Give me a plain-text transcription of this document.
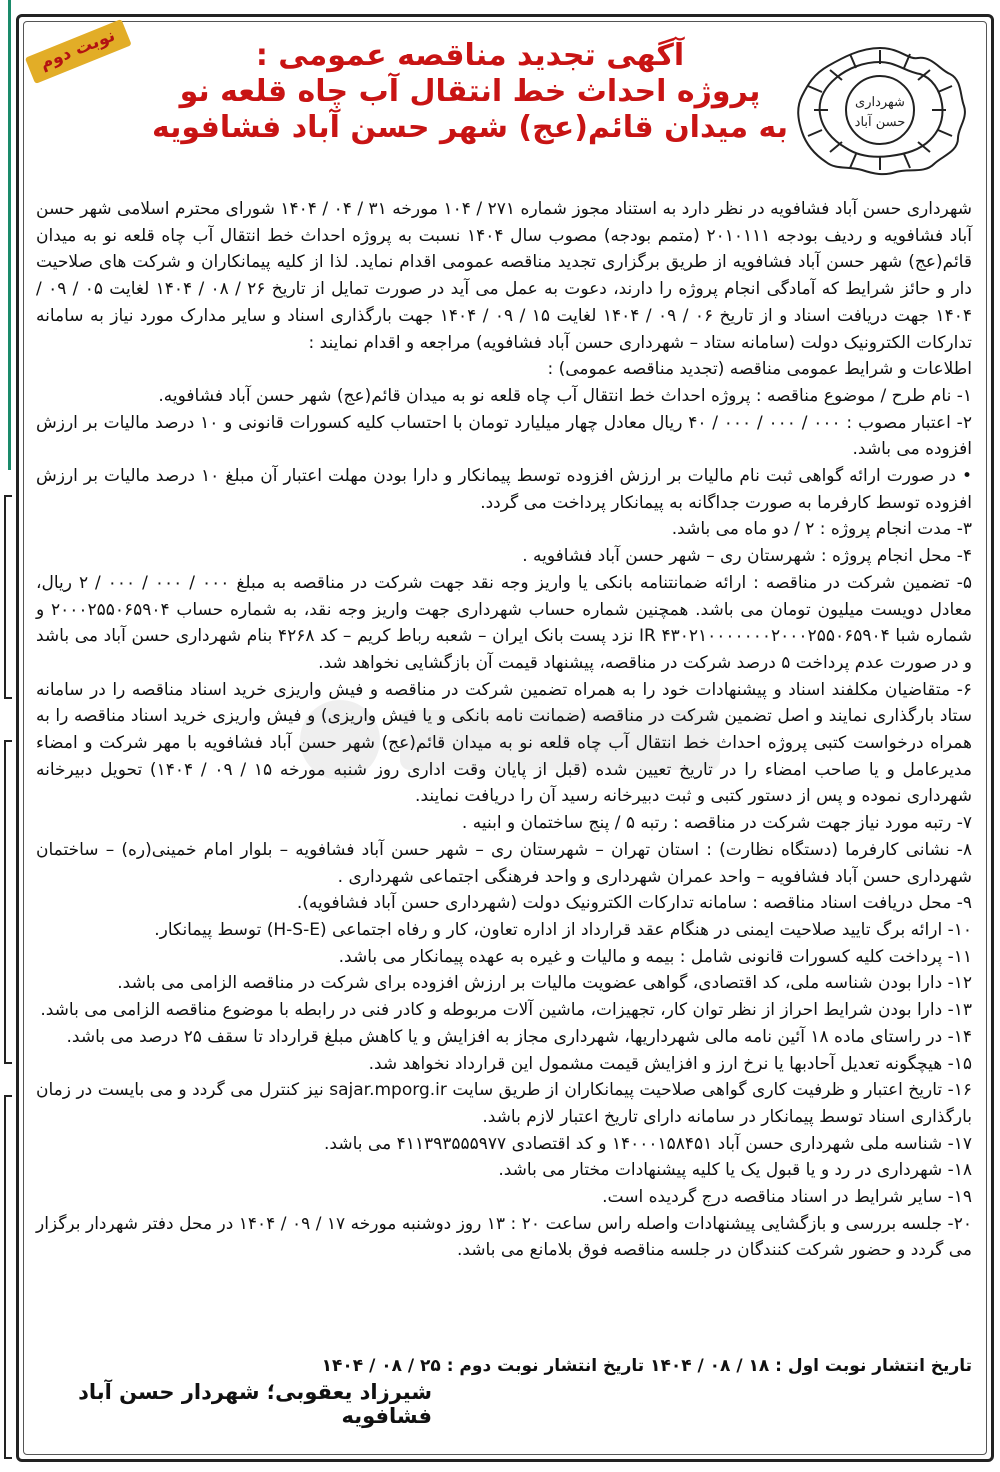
نوبت دوم	آگهی تجدید مناقصه عمومی :
پروژه احداث خط انتقال آب چاه قلعه نو
به میدان قائم(عج) شهر حسن آباد فشافویه
شهرداری
حسن آباد

شهرداری حسن آباد فشافویه در نظر دارد به استناد مجوز شماره ۲۷۱ / ۱۰۴ مورخه ۳۱ / ۰۴ / ۱۴۰۴ شورای محترم اسلامی شهر حسن آباد فشافویه و ردیف بودجه ۲۰۱۰۱۱۱ (متمم بودجه) مصوب سال ۱۴۰۴ نسبت به پروژه احداث خط انتقال آب چاه قلعه نو به میدان قائم(عج) شهر حسن آباد فشافویه از طریق برگزاری تجدید مناقصه عمومی اقدام نماید. لذا از کلیه پیمانکاران و شرکت های صلاحیت دار و حائز شرایط که آمادگی انجام پروژه را دارند، دعوت به عمل می آید در صورت تمایل از تاریخ ۲۶ / ۰۸ / ۱۴۰۴ لغایت ۰۵ / ۰۹ / ۱۴۰۴ جهت دریافت اسناد و از تاریخ ۰۶ / ۰۹ / ۱۴۰۴ لغایت ۱۵ / ۰۹ / ۱۴۰۴ جهت بارگذاری اسناد و سایر مدارک مورد نیاز به سامانه تدارکات الکترونیک دولت (سامانه ستاد – شهرداری حسن آباد فشافویه) مراجعه و اقدام نمایند :

اطلاعات و شرایط عمومی مناقصه (تجدید مناقصه عمومی) :

۱- نام طرح / موضوع مناقصه : پروژه احداث خط انتقال آب چاه قلعه نو به میدان قائم(عج) شهر حسن آباد فشافویه.

۲- اعتبار مصوب : ۰۰۰ / ۰۰۰ / ۰۰۰ / ۴۰ ریال معادل چهار میلیارد تومان با احتساب کلیه کسورات قانونی و ۱۰ درصد مالیات بر ارزش افزوده می باشد.

• در صورت ارائه گواهی ثبت نام مالیات بر ارزش افزوده توسط پیمانکار و دارا بودن مهلت اعتبار آن مبلغ ۱۰ درصد مالیات بر ارزش افزوده توسط کارفرما به صورت جداگانه به پیمانکار پرداخت می گردد.

۳- مدت انجام پروژه : ۲ / دو ماه می باشد.

۴- محل انجام پروژه : شهرستان ری – شهر حسن آباد فشافویه .

۵- تضمین شرکت در مناقصه : ارائه ضمانتنامه بانکی یا واریز وجه نقد جهت شرکت در مناقصه به مبلغ ۰۰۰ / ۰۰۰ / ۰۰۰ / ۲ ریال، معادل دویست میلیون تومان می باشد. همچنین شماره حساب شهرداری جهت واریز وجه نقد، به شماره حساب ۲۰۰۰۲۵۵۰۶۵۹۰۴ و شماره شبا IR ۴۳۰۲۱۰۰۰۰۰۰۰۲۰۰۰۲۵۵۰۶۵۹۰۴ نزد پست بانک ایران – شعبه رباط کریم – کد ۴۲۶۸ بنام شهرداری حسن آباد می باشد و در صورت عدم پرداخت ۵ درصد شرکت در مناقصه، پیشنهاد قیمت آن بازگشایی نخواهد شد.

۶- متقاضیان مکلفند اسناد و پیشنهادات خود را به همراه تضمین شرکت در مناقصه و فیش واریزی خرید اسناد مناقصه را در سامانه ستاد بارگذاری نمایند و اصل تضمین شرکت در مناقصه (ضمانت نامه بانکی و یا فیش واریزی) و فیش واریزی خرید اسناد مناقصه را به همراه درخواست کتبی پروژه احداث خط انتقال آب چاه قلعه نو به میدان قائم(عج) شهر حسن آباد فشافویه با مهر شرکت و امضاء مدیرعامل و یا صاحب امضاء را در تاریخ تعیین شده (قبل از پایان وقت اداری روز شنبه مورخه ۱۵ / ۰۹ / ۱۴۰۴) تحویل دبیرخانه شهرداری نموده و پس از دستور کتبی و ثبت دبیرخانه رسید آن را دریافت نمایند.

۷- رتبه مورد نیاز جهت شرکت در مناقصه : رتبه ۵ / پنج ساختمان و ابنیه .

۸- نشانی کارفرما (دستگاه نظارت) : استان تهران – شهرستان ری – شهر حسن آباد فشافویه – بلوار امام خمینی(ره) – ساختمان شهرداری حسن آباد فشافویه – واحد عمران شهرداری و واحد فرهنگی اجتماعی شهرداری .

۹- محل دریافت اسناد مناقصه : سامانه تدارکات الکترونیک دولت (شهرداری حسن آباد فشافویه).

۱۰- ارائه برگ تایید صلاحیت ایمنی در هنگام عقد قرارداد از اداره تعاون، کار و رفاه اجتماعی (H-S-E) توسط پیمانکار.

۱۱- پرداخت کلیه کسورات قانونی شامل : بیمه و مالیات و غیره به عهده پیمانکار می باشد.

۱۲- دارا بودن شناسه ملی، کد اقتصادی، گواهی عضویت مالیات بر ارزش افزوده برای شرکت در مناقصه الزامی می باشد.

۱۳- دارا بودن شرایط احراز از نظر توان کار، تجهیزات، ماشین آلات مربوطه و کادر فنی در رابطه با موضوع مناقصه الزامی می باشد.

۱۴- در راستای ماده ۱۸ آئین نامه مالی شهرداریها، شهرداری مجاز به افزایش و یا کاهش مبلغ قرارداد تا سقف ۲۵ درصد می باشد.

۱۵- هیچگونه تعدیل آحادبها یا نرخ ارز و افزایش قیمت مشمول این قرارداد نخواهد شد.

۱۶- تاریخ اعتبار و ظرفیت کاری گواهی صلاحیت پیمانکاران از طریق سایت sajar.mporg.ir نیز کنترل می گردد و می بایست در زمان بارگذاری اسناد توسط پیمانکار در سامانه دارای تاریخ اعتبار لازم باشد.

۱۷- شناسه ملی شهرداری حسن آباد ۱۴۰۰۰۱۵۸۴۵۱ و کد اقتصادی ۴۱۱۳۹۳۵۵۵۹۷۷ می باشد.

۱۸- شهرداری در رد و یا قبول یک یا کلیه پیشنهادات مختار می باشد.

۱۹- سایر شرایط در اسناد مناقصه درج گردیده است.

۲۰- جلسه بررسی و بازگشایی پیشنهادات واصله راس ساعت ۲۰ : ۱۳ روز دوشنبه مورخه ۱۷ / ۰۹ / ۱۴۰۴ در محل دفتر شهردار برگزار می گردد و حضور شرکت کنندگان در جلسه مناقصه فوق بلامانع می باشد.

تاریخ انتشار نوبت اول : ۱۸ / ۰۸ / ۱۴۰۴ تاریخ انتشار نوبت دوم : ۲۵ / ۰۸ / ۱۴۰۴
شیرزاد یعقوبی؛ شهردار حسن آباد فشافویه
